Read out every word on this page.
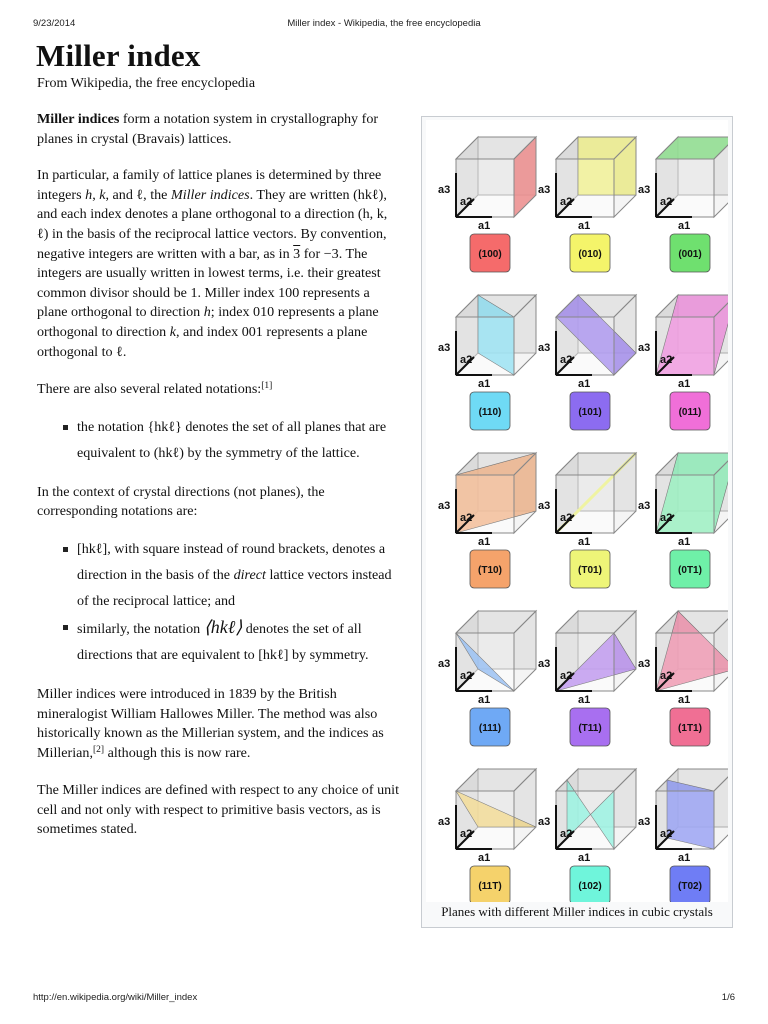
9/23/2014	Miller index - Wikipedia, the free encyclopedia
Miller index
From Wikipedia, the free encyclopedia

Miller indices form a notation system in crystallography for planes in crystal (Bravais) lattices.

In particular, a family of lattice planes is determined by three integers h, k, and ℓ, the Miller indices. They are written (hkℓ), and each index denotes a plane orthogonal to a direction (h, k, ℓ) in the basis of the reciprocal lattice vectors. By convention, negative integers are written with a bar, as in 3 for −3. The integers are usually written in lowest terms, i.e. their greatest common divisor should be 1. Miller index 100 represents a plane orthogonal to direction h; index 010 represents a plane orthogonal to direction k, and index 001 represents a plane orthogonal to ℓ.

There are also several related notations:[1]

the notation {hkℓ} denotes the set of all planes that are equivalent to (hkℓ) by the symmetry of the lattice.

In the context of crystal directions (not planes), the corresponding notations are:

[hkℓ], with square instead of round brackets, denotes a direction in the basis of the direct lattice vectors instead of the reciprocal lattice; and
similarly, the notation ⟨hkℓ⟩ denotes the set of all directions that are equivalent to [hkℓ] by symmetry.

Miller indices were introduced in 1839 by the British mineralogist William Hallowes Miller. The method was also historically known as the Millerian system, and the indices as Millerian,[2] although this is now rare.

The Miller indices are defined with respect to any choice of unit cell and not only with respect to primitive basis vectors, as is sometimes stated.

a3
a2
a1
(100)
a3
a2
a1
(010)
a3
a2
a1
(001)
a3
a2
a1
(110)
a3
a2
a1
(101)
a3
a2
a1
(011)
a3
a2
a1
(T10)
a3
a2
a1
(T01)
a3
a2
a1
(0T1)
a3
a2
a1
(111)
a3
a2
a1
(T11)
a3
a2
a1
(1T1)
a3
a2
a1
(11T)
a3
a2
a1
(102)
a3
a2
a1
(T02)
Planes with different Miller indices in cubic crystals
http://en.wikipedia.org/wiki/Miller_index	1/6
